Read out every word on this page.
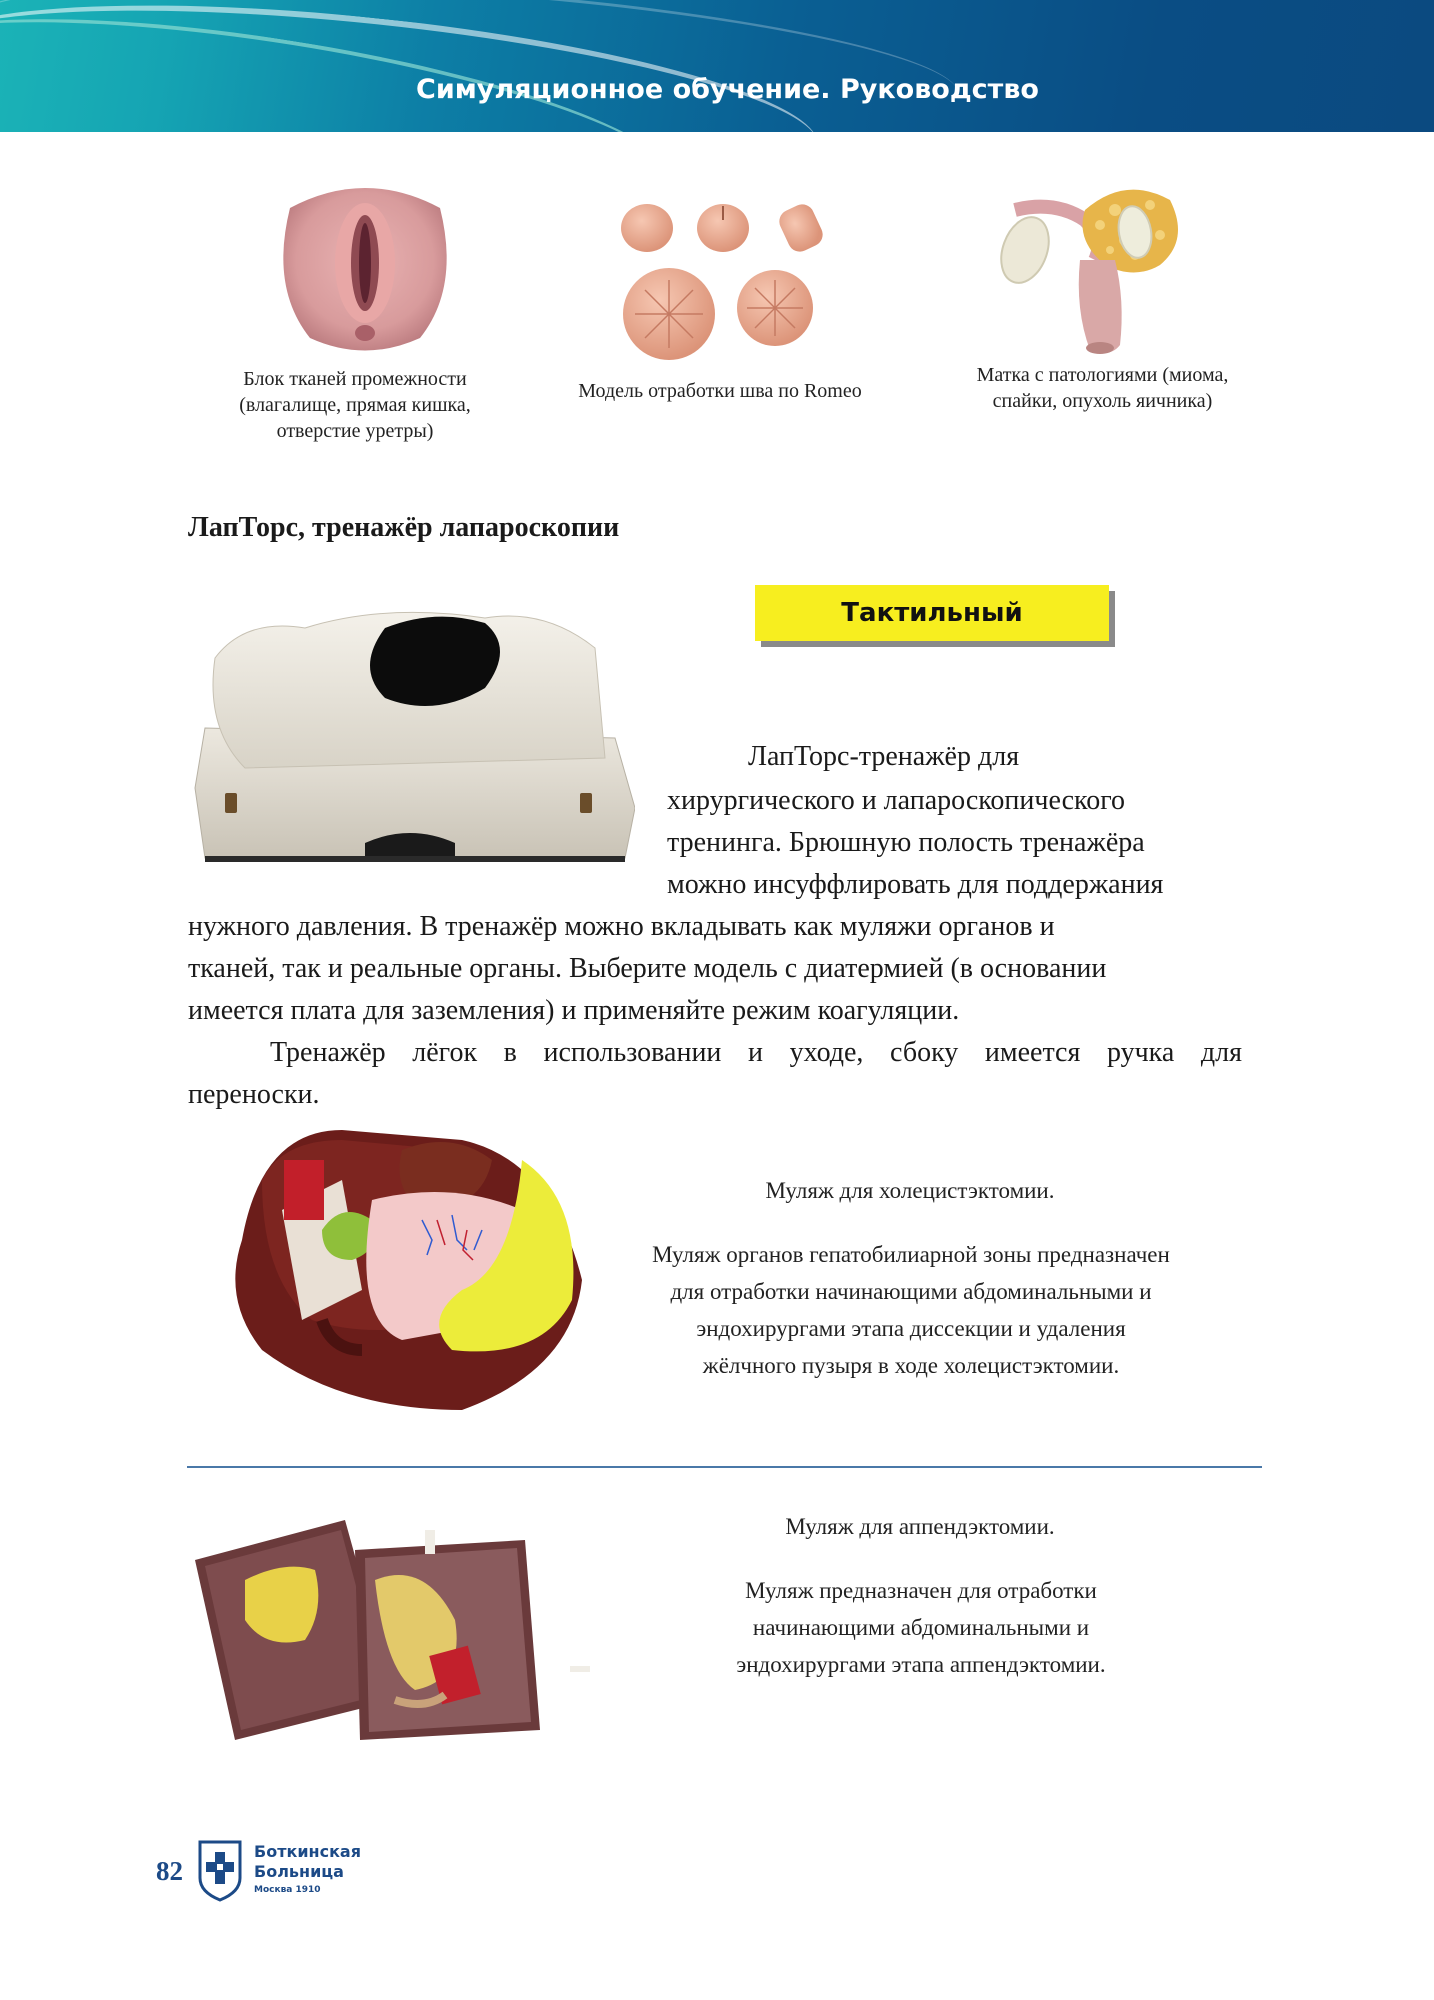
Симуляционное обучение. Руководство
Блок тканей промежности (влагалище, прямая кишка, отверстие уретры)
Модель отработки шва по Romeo
Матка с патологиями (миома, спайки, опухоль яичника)
ЛапТорс, тренажёр лапароскопии
Тактильный
ЛапТорс-тренажёр для
хирургического и лапароскопического
тренинга. Брюшную полость тренажёра
можно инсуффлировать для поддержания
нужного давления. В тренажёр можно вкладывать как муляжи органов и
тканей, так и реальные органы. Выберите модель с диатермией (в основании
имеется плата для заземления) и применяйте режим коагуляции.
Тренажёр лёгок в использовании и уходе, сбоку имеется ручка для
переноски.
Муляж для холецистэктомии.
Муляж органов гепатобилиарной зоны предназначен для отработки начинающими абдоминальными и эндохирургами этапа диссекции и удаления жёлчного пузыря в ходе холецистэктомии.
Муляж для аппендэктомии.
Муляж предназначен для отработки начинающими абдоминальными и эндохирургами этапа аппендэктомии.
82
Боткинская
Больница
Москва 1910
